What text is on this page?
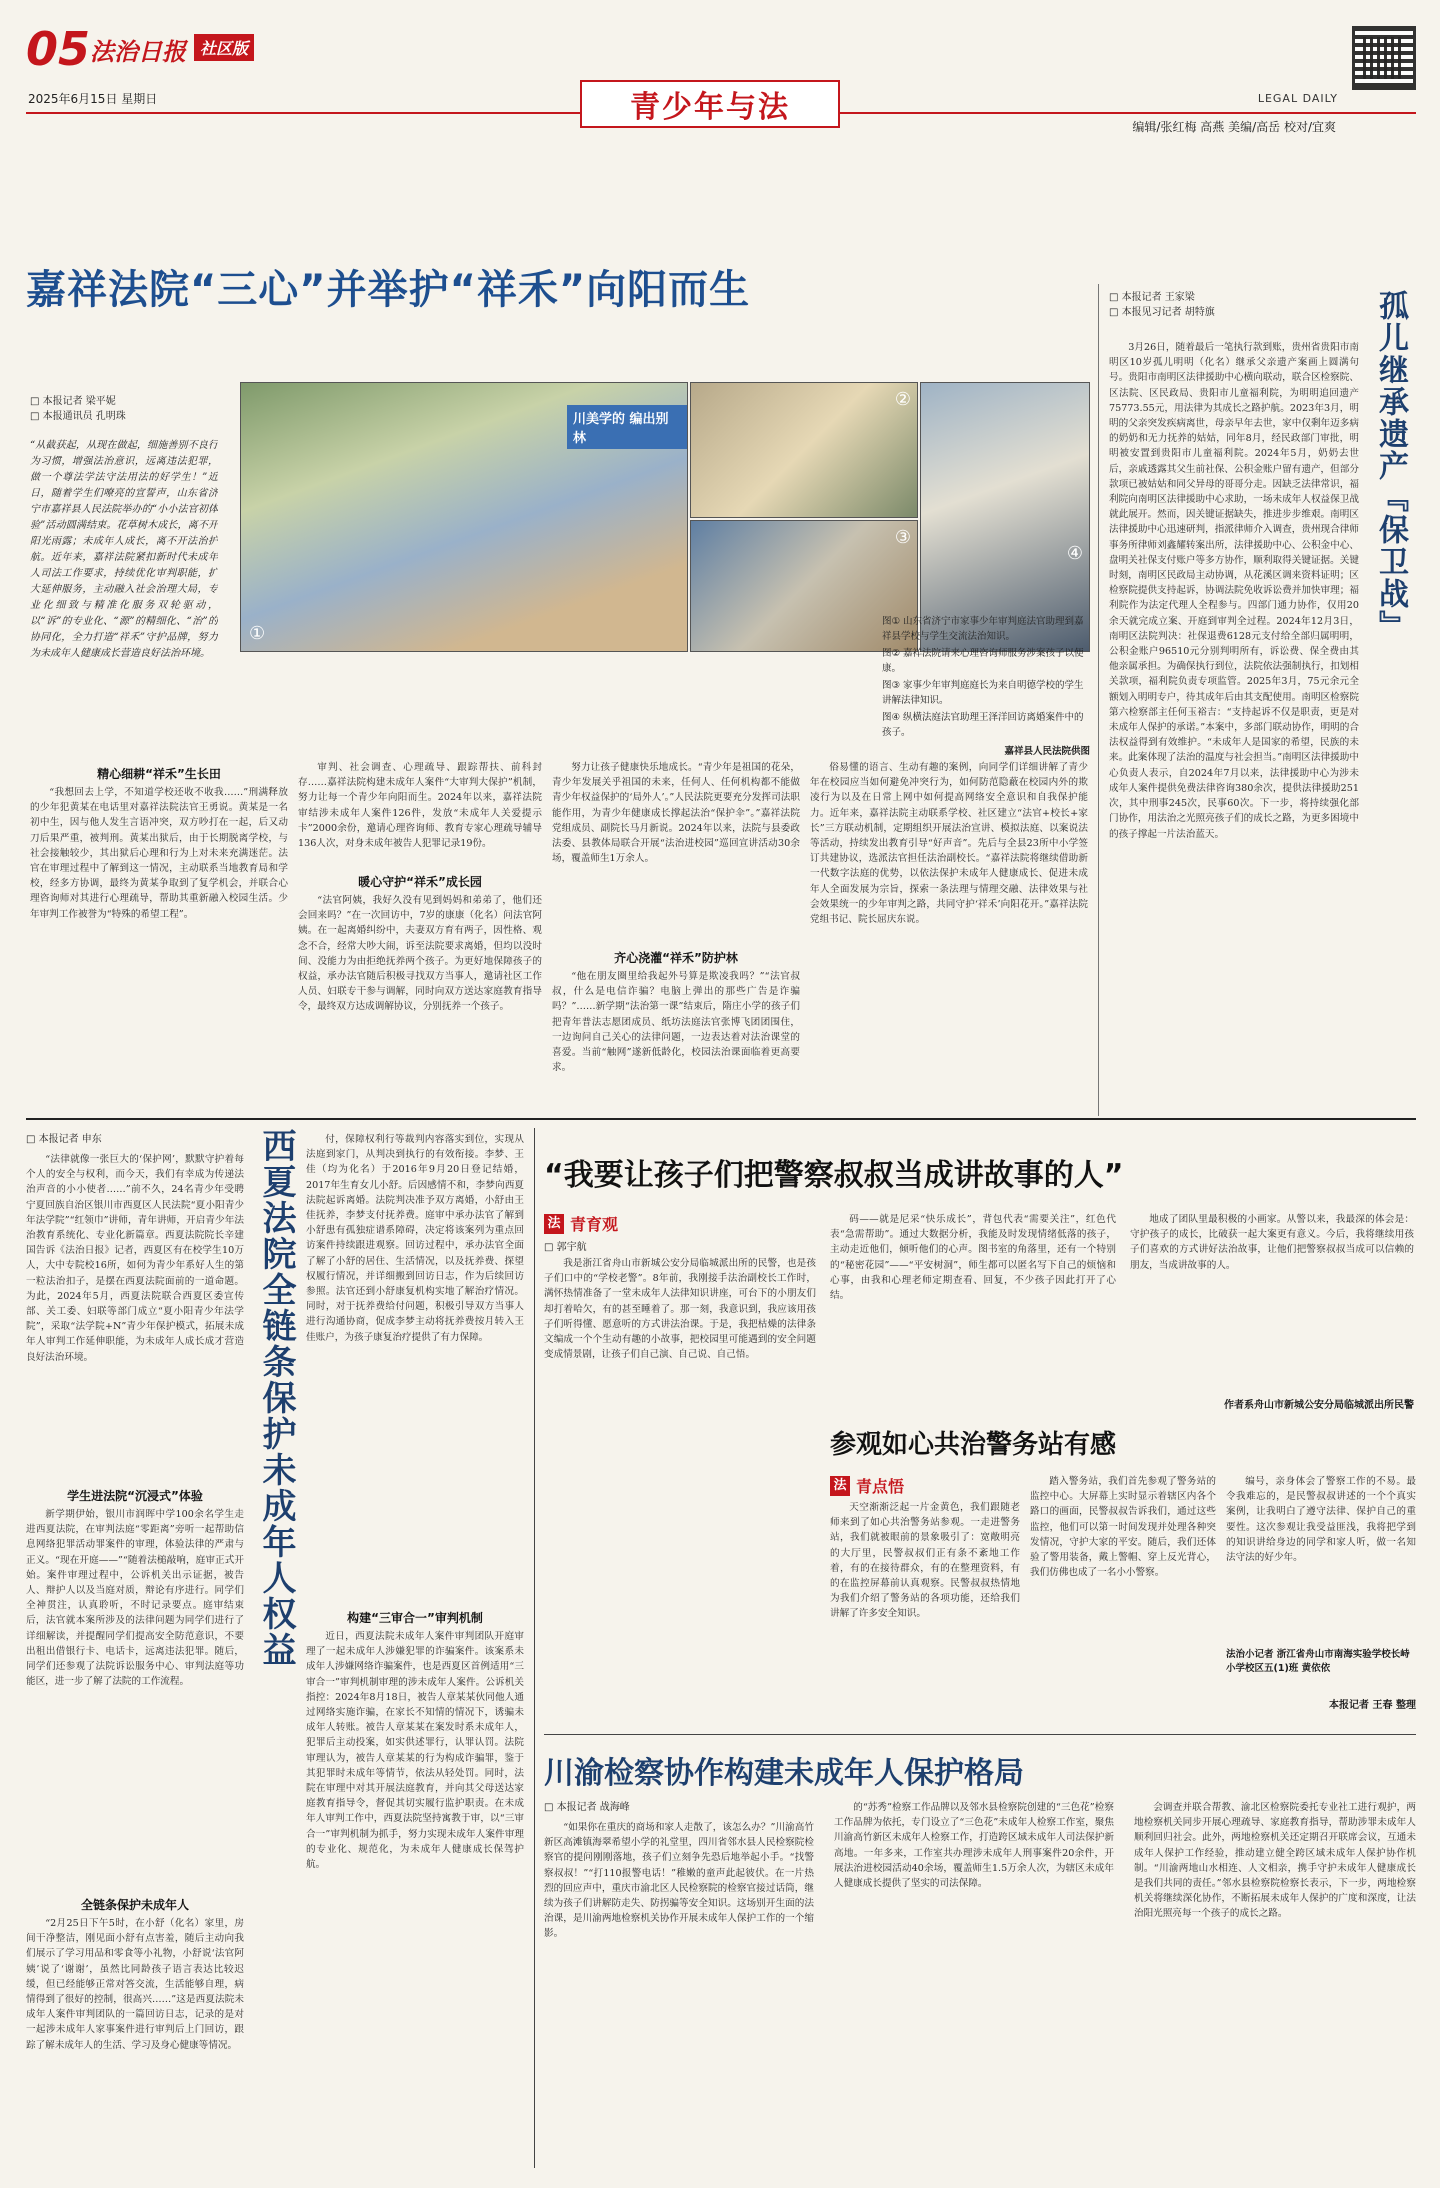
05 法治日报 社区版
2025年6月15日 星期日	青少年与法	LEGAL DAILY
编辑/张红梅 高燕 美编/高岳 校对/宜爽
嘉祥法院“三心”并举护“祥禾”向阳而生
□ 本报记者 梁平妮
□ 本报通讯员 孔明珠
“从截获起，从现在做起，细施善别不良行为习惯，增强法治意识，远离违法犯罪，做一个尊法学法守法用法的好学生！”近日，随着学生们嘹亮的宣誓声，山东省济宁市嘉祥县人民法院举办的“小小法官初体验”活动圆满结束。花草树木成长，离不开阳光雨露；未成年人成长，离不开法治护航。近年来，嘉祥法院紧扣新时代未成年人司法工作要求，持续优化审判职能，扩大延伸服务，主动融入社会治理大局，专业化细致与精准化服务双轮驱动，以“诉”的专业化、“源”的精细化、“治”的协同化，全力打造“祥禾”守护品牌，努力为未成年人健康成长营造良好法治环境。
川美学的 编出别林
①
②
③
④
图① 山东省济宁市家事少年审判庭法官助理到嘉祥县学校与学生交流法治知识。
图② 嘉祥法院请来心理咨询师服务涉案孩子以便康。
图③ 家事少年审判庭庭长为来自明德学校的学生讲解法律知识。
图④ 纵横法庭法官助理王泽洋回访离婚案件中的孩子。
嘉祥县人民法院供图
精心细耕“祥禾”生长田
“我想回去上学，不知道学校还收不收我……”刑满释放的少年犯黄某在电话里对嘉祥法院法官王勇说。黄某是一名初中生，因与他人发生言语冲突，双方吵打在一起，后又动刀后果严重，被判刑。黄某出狱后，由于长期脱离学校，与社会接触较少，其出狱后心理和行为上对未来充满迷茫。法官在审理过程中了解到这一情况，主动联系当地教育局和学校，经多方协调，最终为黄某争取到了复学机会，并联合心理咨询师对其进行心理疏导，帮助其重新融入校园生活。少年审判工作被誉为“特殊的希望工程”。
审判、社会调查、心理疏导、跟踪帮扶、前科封存……嘉祥法院构建未成年人案件“大审判大保护”机制，努力让每一个青少年向阳而生。2024年以来，嘉祥法院审结涉未成年人案件126件，发放“未成年人关爱提示卡”2000余份，邀请心理咨询师、教育专家心理疏导辅导136人次，对身未成年被告人犯罪记录19份。
暖心守护“祥禾”成长园
“法官阿姨，我好久没有见到妈妈和弟弟了，他们还会回来吗？”在一次回访中，7岁的康康（化名）问法官阿姨。在一起离婚纠纷中，夫妻双方育有两子，因性格、观念不合，经常大吵大闹，诉至法院要求离婚，但均以没时间、没能力为由拒绝抚养两个孩子。为更好地保障孩子的权益，承办法官随后积极寻找双方当事人，邀请社区工作人员、妇联专干参与调解，同时向双方送达家庭教育指导令，最终双方达成调解协议，分别抚养一个孩子。
努力让孩子健康快乐地成长。“青少年是祖国的花朵，青少年发展关乎祖国的未来，任何人、任何机构都不能做青少年权益保护的‘局外人’。”人民法院更要充分发挥司法职能作用，为青少年健康成长撑起法治“保护伞”。”嘉祥法院党组成员、副院长马月新说。2024年以来，法院与县委政法委、县教体局联合开展“法治进校园”巡回宣讲活动30余场，覆盖师生1万余人。
齐心浇灌“祥禾”防护林
“他在朋友圈里给我起外号算是欺凌我吗？”“法官叔叔，什么是电信诈骗？电脑上弹出的那些广告是诈骗吗？”……新学期“法治第一课”结束后，隋庄小学的孩子们把青年普法志愿团成员、纸坊法庭法官张博飞团团围住，一边询问自己关心的法律问题，一边表达着对法治课堂的喜爱。当前“触网”遂新低龄化，校园法治课面临着更高要求。
俗易懂的语言、生动有趣的案例，向同学们详细讲解了青少年在校园应当如何避免冲突行为，如何防范隐蔽在校园内外的欺凌行为以及在日常上网中如何提高网络安全意识和自我保护能力。近年来，嘉祥法院主动联系学校、社区建立“法官+校长+家长”三方联动机制，定期组织开展法治宣讲、模拟法庭、以案说法等活动，持续发出教育引导“好声音”。先后与全县23所中小学签订共建协议，选派法官担任法治副校长。“嘉祥法院将继续借助新一代数字法庭的优势，以依法保护未成年人健康成长、促进未成年人全面发展为宗旨，探索一条法理与情理交融、法律效果与社会效果统一的少年审判之路，共同守护‘祥禾’向阳花开。”嘉祥法院党组书记、院长屈庆东说。
□ 本报记者 王家梁
□ 本报见习记者 胡特旗	孤儿继承遗产『保卫战』
3月26日，随着最后一笔执行款到账，贵州省贵阳市南明区10岁孤儿明明（化名）继承父亲遗产案画上圆满句号。贵阳市南明区法律援助中心横向联动，联合区检察院、区法院、区民政局、贵阳市儿童福利院，为明明追回遗产75773.55元，用法律为其成长之路护航。2023年3月，明明的父亲突发疾病离世，母亲早年去世，家中仅剩年迈多病的奶奶和无力抚养的姑姑，同年8月，经民政部门审批，明明被安置到贵阳市儿童福利院。2024年5月，奶奶去世后，亲戚透露其父生前社保、公积金账户留有遗产，但部分款项已被姑姑和同父异母的哥哥分走。因缺乏法律常识，福利院向南明区法律援助中心求助，一场未成年人权益保卫战就此展开。然而，因关键证据缺失，推进步步维艰。南明区法律援助中心迅速研判，指派律师介入调查，贵州现合律师事务所律师刘鑫耀转案出所，法律援助中心、公积金中心、盘明关社保支付账户等多方协作，顺利取得关键证据。关键时刻，南明区民政局主动协调，从花溪区调来资料证明；区检察院提供支持起诉，协调法院免收诉讼费并加快审理；福利院作为法定代理人全程参与。四部门通力协作，仅用20余天就完成立案、开庭到审判全过程。2024年12月3日，南明区法院判决：社保退费6128元支付给全部归属明明，公积金账户96510元分别判明所有，诉讼费、保全费由其他亲属承担。为确保执行到位，法院依法强制执行，扣划相关款项，福利院负责专项监管。2025年3月，75元余元全额划入明明专户，待其成年后由其支配使用。南明区检察院第六检察部主任何玉裕吉：“支持起诉不仅是职责，更是对未成年人保护的承诺。”本案中，多部门联动协作，明明的合法权益得到有效维护。“未成年人是国家的希望，民族的未来。此案体现了法治的温度与社会担当。”南明区法律援助中心负责人表示，自2024年7月以来，法律援助中心为涉未成年人案件提供免费法律咨询380余次，提供法律援助251次，其中刑事245次，民事60次。下一步，将持续强化部门协作，用法治之光照亮孩子们的成长之路，为更多困境中的孩子撑起一片法治蓝天。
□ 本报记者 申东	西夏法院全链条保护未成年人权益
“法律就像一张巨大的‘保护网’，默默守护着每个人的安全与权利，而今天，我们有幸成为传递法治声音的小小使者……”前不久，24名青少年受聘宁夏回族自治区银川市西夏区人民法院“夏小阳青少年法学院”“红领巾”讲师，青年讲师，开启青少年法治教育系统化、专业化新篇章。西夏法院院长辛建国告诉《法治日报》记者，西夏区有在校学生10万人，大中专院校16所，如何为青少年系好人生的第一粒法治扣子，是摆在西夏法院面前的一道命题。为此，2024年5月，西夏法院联合西夏区委宣传部、关工委、妇联等部门成立“夏小阳青少年法学院”，采取“法学院+N”青少年保护模式，拓展未成年人审判工作延伸职能，为未成年人成长成才营造良好法治环境。
学生进法院“沉浸式”体验
新学期伊始，银川市润晖中学100余名学生走进西夏法院，在审判法庭“零距离”旁听一起帮助信息网络犯罪活动罪案件的审理，体验法律的严肃与正义。“现在开庭——”“随着法槌敲响，庭审正式开始。案件审理过程中，公诉机关出示证据，被告人、辩护人以及当庭对质，辩论有序进行。同学们全神贯注，认真聆听，不时记录要点。庭审结束后，法官就本案所涉及的法律问题为同学们进行了详细解读，并提醒同学们提高安全防范意识，不要出租出借银行卡、电话卡，远离违法犯罪。随后，同学们还参观了法院诉讼服务中心、审判法庭等功能区，进一步了解了法院的工作流程。
全链条保护未成年人
“2月25日下午5时，在小舒（化名）家里，房间干净整洁，刚见面小舒有点害羞，随后主动向我们展示了学习用品和零食等小礼物，小舒说‘法官阿姨’说了‘谢谢’，虽然比同龄孩子语言表达比较迟缓，但已经能够正常对答交流，生活能够自理，病情得到了很好的控制，很高兴……”这是西夏法院未成年人案件审判团队的一篇回访日志，记录的是对一起涉未成年人家事案件进行审判后上门回访，跟踪了解未成年人的生活、学习及身心健康等情况。
付，保障权利行等裁判内容落实到位，实现从法庭到家门，从判决到执行的有效衔接。李梦、王佳（均为化名）于2016年9月20日登记结婚，2017年生育女儿小舒。后因感情不和，李梦向西夏法院起诉离婚。法院判决准予双方离婚，小舒由王佳抚养，李梦支付抚养费。庭审中承办法官了解到小舒患有孤独症谱系障碍，决定将该案列为重点回访案件持续跟进观察。回访过程中，承办法官全面了解了小舒的居住、生活情况，以及抚养费、探望权履行情况，并详细搬到回访日志，作为后续回访参照。法官还到小舒康复机构实地了解治疗情况。同时，对于抚养费给付问题，积极引导双方当事人进行沟通协商，促成李梦主动将抚养费按月转入王佳账户，为孩子康复治疗提供了有力保障。
构建“三审合一”审判机制
近日，西夏法院未成年人案件审判团队开庭审理了一起未成年人涉嫌犯罪的诈骗案件。该案系未成年人涉嫌网络诈骗案件，也是西夏区首例适用“三审合一”审判机制审理的涉未成年人案件。公诉机关指控：2024年8月18日，被告人章某某伙同他人通过网络实施诈骗，在家长不知情的情况下，诱骗未成年人转账。被告人章某某在案发时系未成年人，犯罪后主动投案，如实供述罪行，认罪认罚。法院审理认为，被告人章某某的行为构成诈骗罪，鉴于其犯罪时未成年等情节，依法从轻处罚。同时，法院在审理中对其开展法庭教育，并向其父母送达家庭教育指导令，督促其切实履行监护职责。在未成年人审判工作中，西夏法院坚持寓教于审，以“三审合一”审判机制为抓手，努力实现未成年人案件审理的专业化、规范化，为未成年人健康成长保驾护航。
“我要让孩子们把警察叔叔当成讲故事的人”
法 青育观
□ 郭宇航
我是浙江省舟山市新城公安分局临城派出所的民警，也是孩子们口中的“学校老警”。8年前，我刚接手法治副校长工作时，满怀热情准备了一堂未成年人法律知识讲座，可台下的小朋友们却打着哈欠，有的甚至睡着了。那一刻，我意识到，我应该用孩子们听得懂、愿意听的方式讲法治课。于是，我把枯燥的法律条文编成一个个生动有趣的小故事，把校园里可能遇到的安全问题变成情景剧，让孩子们自己演、自己说、自己悟。
码——就是尼采“快乐成长”，背包代表“需要关注”，红色代表“急需帮助”。通过大数据分析，我能及时发现情绪低落的孩子，主动走近他们，倾听他们的心声。图书室的角落里，还有一个特别的“秘密花园”——“平安树洞”，师生都可以匿名写下自己的烦恼和心事，由我和心理老师定期查看、回复，不少孩子因此打开了心结。
地成了团队里最积极的小画家。从警以来，我最深的体会是：守护孩子的成长，比破获一起大案更有意义。今后，我将继续用孩子们喜欢的方式讲好法治故事，让他们把警察叔叔当成可以信赖的朋友，当成讲故事的人。
作者系舟山市新城公安分局临城派出所民警
参观如心共治警务站有感
法 青点悟
天空渐渐泛起一片金黄色，我们跟随老师来到了如心共治警务站参观。一走进警务站，我们就被眼前的景象吸引了：宽敞明亮的大厅里，民警叔叔们正有条不紊地工作着，有的在接待群众，有的在整理资料，有的在监控屏幕前认真观察。民警叔叔热情地为我们介绍了警务站的各项功能，还给我们讲解了许多安全知识。
踏入警务站，我们首先参观了警务站的监控中心。大屏幕上实时显示着辖区内各个路口的画面，民警叔叔告诉我们，通过这些监控，他们可以第一时间发现并处理各种突发情况，守护大家的平安。随后，我们还体验了警用装备，戴上警帽、穿上反光背心，我们仿佛也成了一名小小警察。
编号，亲身体会了警察工作的不易。最令我难忘的，是民警叔叔讲述的一个个真实案例，让我明白了遵守法律、保护自己的重要性。这次参观让我受益匪浅，我将把学到的知识讲给身边的同学和家人听，做一名知法守法的好少年。
法治小记者 浙江省舟山市南海实验学校长峙小学校区五(1)班 黄依依
本报记者 王春 整理
川渝检察协作构建未成年人保护格局
□ 本报记者 战海峰
“如果你在重庆的商场和家人走散了，该怎么办？”川渝高竹新区高滩镇海翠希望小学的礼堂里，四川省邻水县人民检察院检察官的提问刚刚落地，孩子们立刻争先恐后地举起小手。“找警察叔叔！”“打110报警电话！”稚嫩的童声此起彼伏。在一片热烈的回应声中，重庆市渝北区人民检察院的检察官接过话筒，继续为孩子们讲解防走失、防拐骗等安全知识。这场别开生面的法治课，是川渝两地检察机关协作开展未成年人保护工作的一个缩影。
的“苏秀”检察工作品牌以及邻水县检察院创建的“三色花”检察工作品牌为依托，专门设立了“三色花”未成年人检察工作室，聚焦川渝高竹新区未成年人检察工作，打造跨区域未成年人司法保护新高地。一年多来，工作室共办理涉未成年人刑事案件20余件，开展法治进校园活动40余场，覆盖师生1.5万余人次，为辖区未成年人健康成长提供了坚实的司法保障。
会调查并联合帮教、渝北区检察院委托专业社工进行观护，两地检察机关同步开展心理疏导、家庭教育指导，帮助涉罪未成年人顺利回归社会。此外，两地检察机关还定期召开联席会议，互通未成年人保护工作经验，推动建立健全跨区域未成年人保护协作机制。“川渝两地山水相连、人文相亲，携手守护未成年人健康成长是我们共同的责任。”邻水县检察院检察长表示，下一步，两地检察机关将继续深化协作，不断拓展未成年人保护的广度和深度，让法治阳光照亮每一个孩子的成长之路。
